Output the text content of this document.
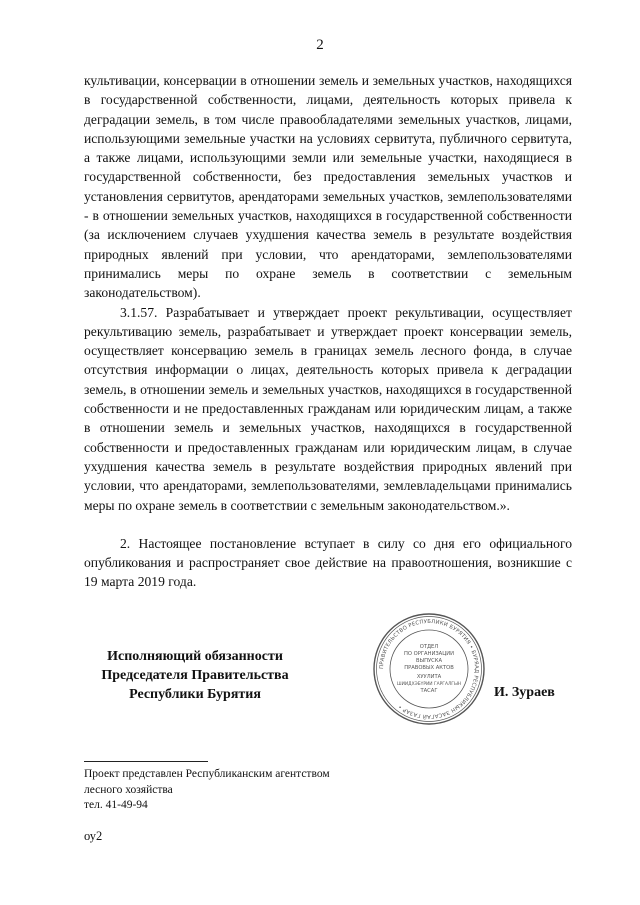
2

культивации, консервации в отношении земель и земельных участков, находящихся в государственной собственности, лицами, деятельность которых привела к деградации земель, в том числе правообладателями земельных участков, лицами, использующими земельные участки на условиях сервитута, публичного сервитута, а также лицами, использующими земли или земельные участки, находящиеся в государственной собственности, без предоставления земельных участков и установления сервитутов, арендаторами земельных участков, землепользователями - в отношении земельных участков, находящихся в государственной собственности (за исключением случаев ухудшения качества земель в результате воздействия природных явлений при условии, что арендаторами, землепользователями принимались меры по охране земель в соответствии с земельным законодательством).

3.1.57. Разрабатывает и утверждает проект рекультивации, осуществляет рекультивацию земель, разрабатывает и утверждает проект консервации земель, осуществляет консервацию земель в границах земель лесного фонда, в случае отсутствия информации о лицах, деятельность которых привела к деградации земель, в отношении земель и земельных участков, находящихся в государственной собственности и не предоставленных гражданам или юридическим лицам, а также в отношении земель и земельных участков, находящихся в государственной собственности и предоставленных гражданам или юридическим лицам, в случае ухудшения качества земель в результате воздействия природных явлений при условии, что арендаторами, землепользователями, землевладельцами принимались меры по охране земель в соответствии с земельным законодательством.».

2. Настоящее постановление вступает в силу со дня его официального опубликования и распространяет свое действие на правоотношения, возникшие с 19 марта 2019 года.

Исполняющий обязанности
Председателя Правительства
Республики Бурятия
ПРАВИТЕЛЬСТВО РЕСПУБЛИКИ БУРЯТИЯ • БУРЯАД РЕСПУБЛИКЫН ЗАСАГАЙ ГАЗАР •
ОТДЕЛ
ПО ОРГАНИЗАЦИИ
ВЫПУСКА
ПРАВОВЫХ АКТОВ
ХУУЛИТА
ШИИДХЭБҮРИИ ГАРГАЛГЫН
ТАСАГ	И. Зураев
Проект представлен Республиканским агентством
лесного хозяйства
тел. 41-49-94
оу2
